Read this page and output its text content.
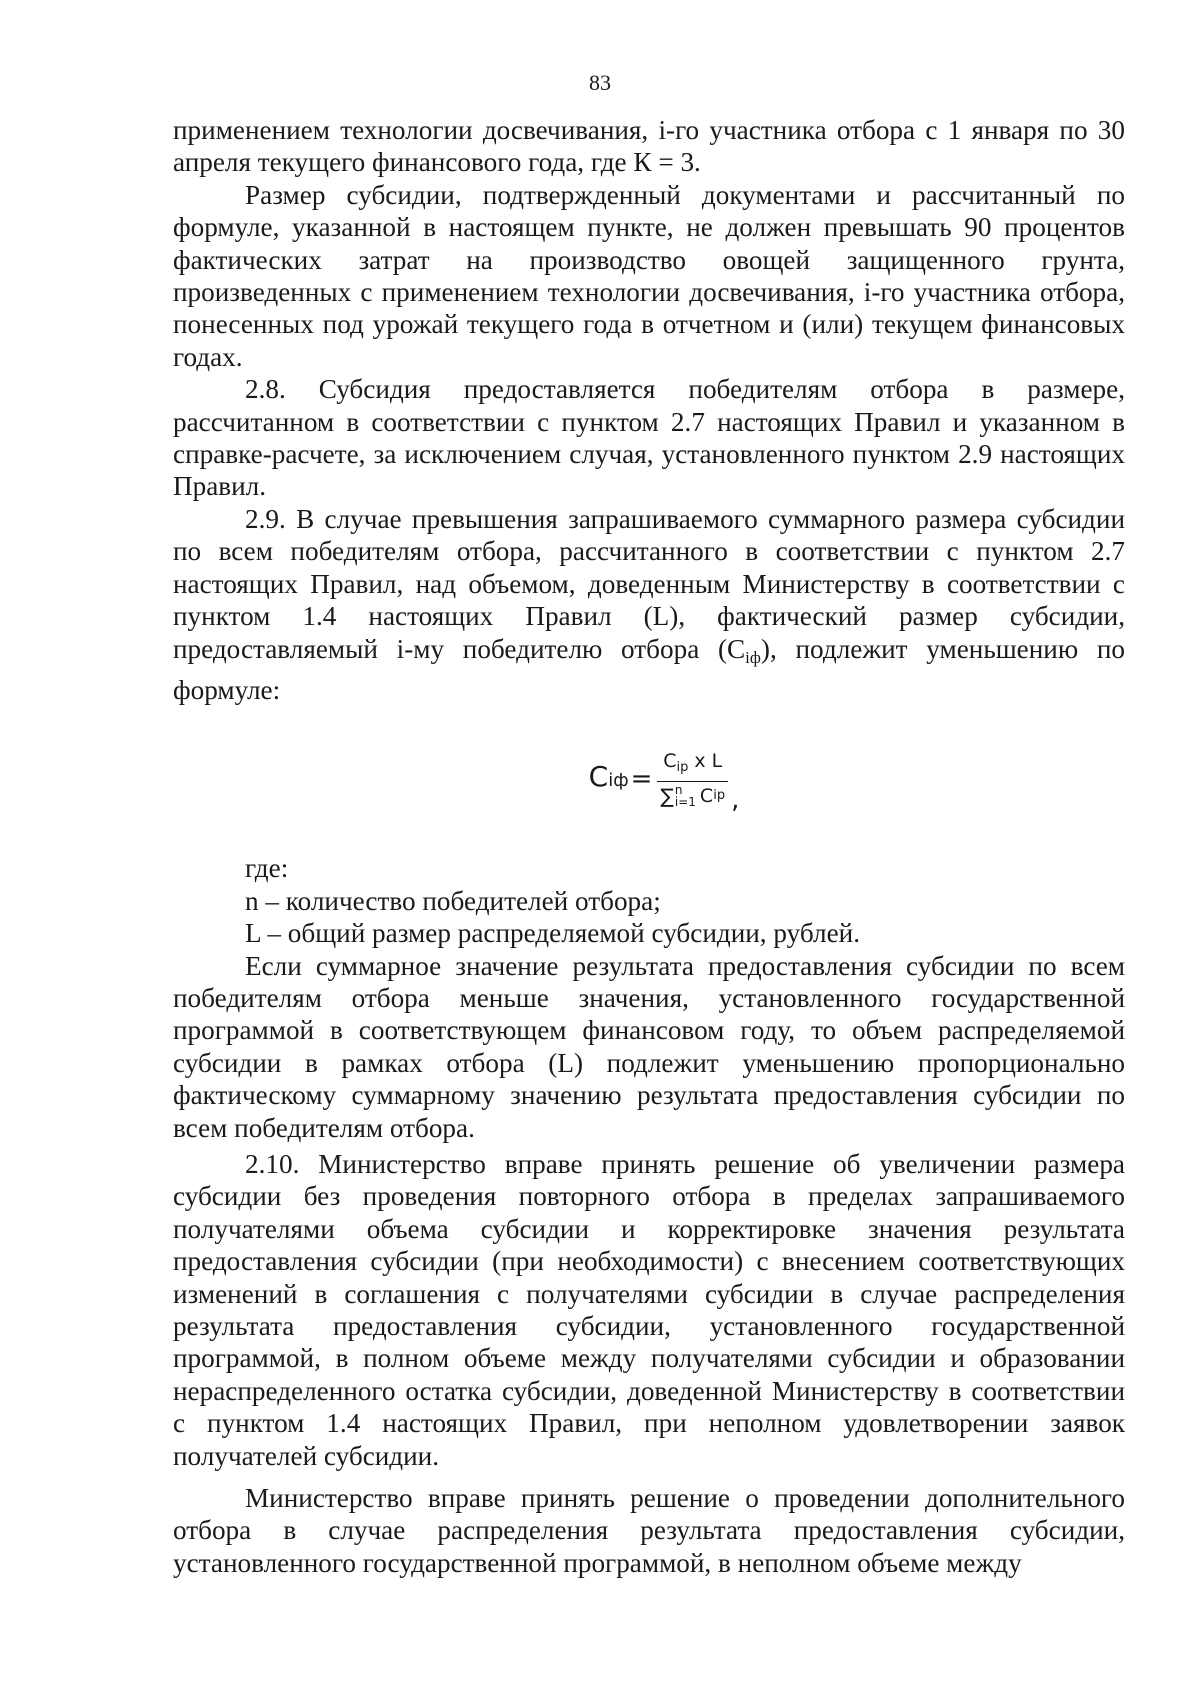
83

применением технологии досвечивания, i-го участника отбора с 1 января по 30 апреля текущего финансового года, где К = 3.

Размер субсидии, подтвержденный документами и рассчитанный по формуле, указанной в настоящем пункте, не должен превышать 90 процентов фактических затрат на производство овощей защищенного грунта, произведенных с применением технологии досвечивания, i-го участника отбора, понесенных под урожай текущего года в отчетном и (или) текущем финансовых годах.

2.8. Субсидия предоставляется победителям отбора в размере, рассчитанном в соответствии с пунктом 2.7 настоящих Правил и указанном в справке-расчете, за исключением случая, установленного пунктом 2.9 настоящих Правил.

2.9. В случае превышения запрашиваемого суммарного размера субсидии по всем победителям отбора, рассчитанного в соответствии с пунктом 2.7 настоящих Правил, над объемом, доведенным Министерству в соответствии с пунктом 1.4 настоящих Правил (L), фактический размер субсидии, предоставляемый i-му победителю отбора $(С_{iф})$, подлежит уменьшению по формуле:

C iф =
$C_{ip}$ x L
∑ n
i=1 C ip ,

где:

n – количество победителей отбора;

L – общий размер распределяемой субсидии, рублей.

Если суммарное значение результата предоставления субсидии по всем победителям отбора меньше значения, установленного государственной программой в соответствующем финансовом году, то объем распределяемой субсидии в рамках отбора (L) подлежит уменьшению пропорционально фактическому суммарному значению результата предоставления субсидии по всем победителям отбора.

2.10. Министерство вправе принять решение об увеличении размера субсидии без проведения повторного отбора в пределах запрашиваемого получателями объема субсидии и корректировке значения результата предоставления субсидии (при необходимости) с внесением соответствующих изменений в соглашения с получателями субсидии в случае распределения результата предоставления субсидии, установленного государственной программой, в полном объеме между получателями субсидии и образовании нераспределенного остатка субсидии, доведенной Министерству в соответствии с пунктом 1.4 настоящих Правил, при неполном удовлетворении заявок получателей субсидии.

Министерство вправе принять решение о проведении дополнительного отбора в случае распределения результата предоставления субсидии, установленного государственной программой, в неполном объеме между
